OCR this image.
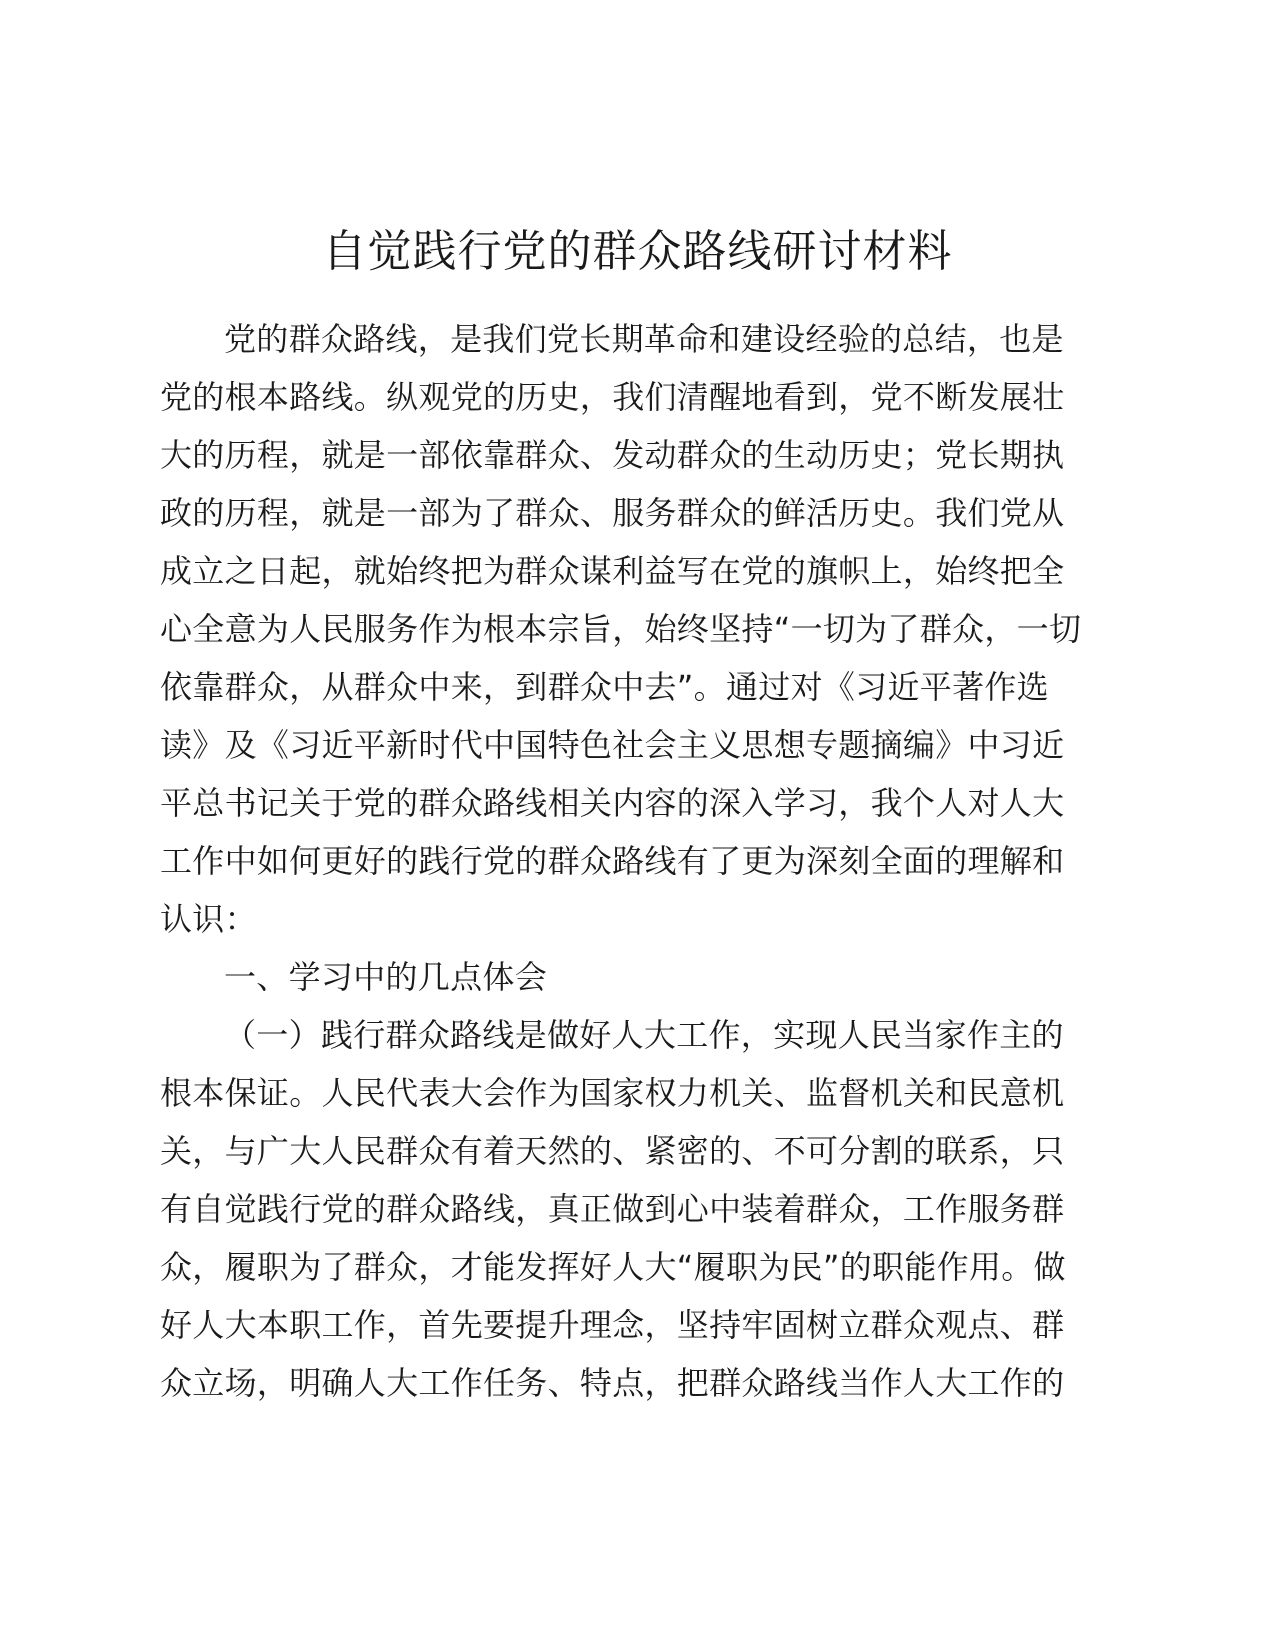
自觉践行党的群众路线研讨材料
党的群众路线，是我们党长期革命和建设经验的总结，也是
党的根本路线。纵观党的历史，我们清醒地看到，党不断发展壮
大的历程，就是一部依靠群众、发动群众的生动历史；党长期执
政的历程，就是一部为了群众、服务群众的鲜活历史。我们党从
成立之日起，就始终把为群众谋利益写在党的旗帜上，始终把全
心全意为人民服务作为根本宗旨，始终坚持“一切为了群众，一切
依靠群众，从群众中来，到群众中去”。通过对《习近平著作选
读》及《习近平新时代中国特色社会主义思想专题摘编》中习近
平总书记关于党的群众路线相关内容的深入学习，我个人对人大
工作中如何更好的践行党的群众路线有了更为深刻全面的理解和
认识：
一、学习中的几点体会
（一）践行群众路线是做好人大工作，实现人民当家作主的
根本保证。人民代表大会作为国家权力机关、监督机关和民意机
关，与广大人民群众有着天然的、紧密的、不可分割的联系，只
有自觉践行党的群众路线，真正做到心中装着群众，工作服务群
众，履职为了群众，才能发挥好人大“履职为民”的职能作用。做
好人大本职工作，首先要提升理念，坚持牢固树立群众观点、群
众立场，明确人大工作任务、特点，把群众路线当作人大工作的
